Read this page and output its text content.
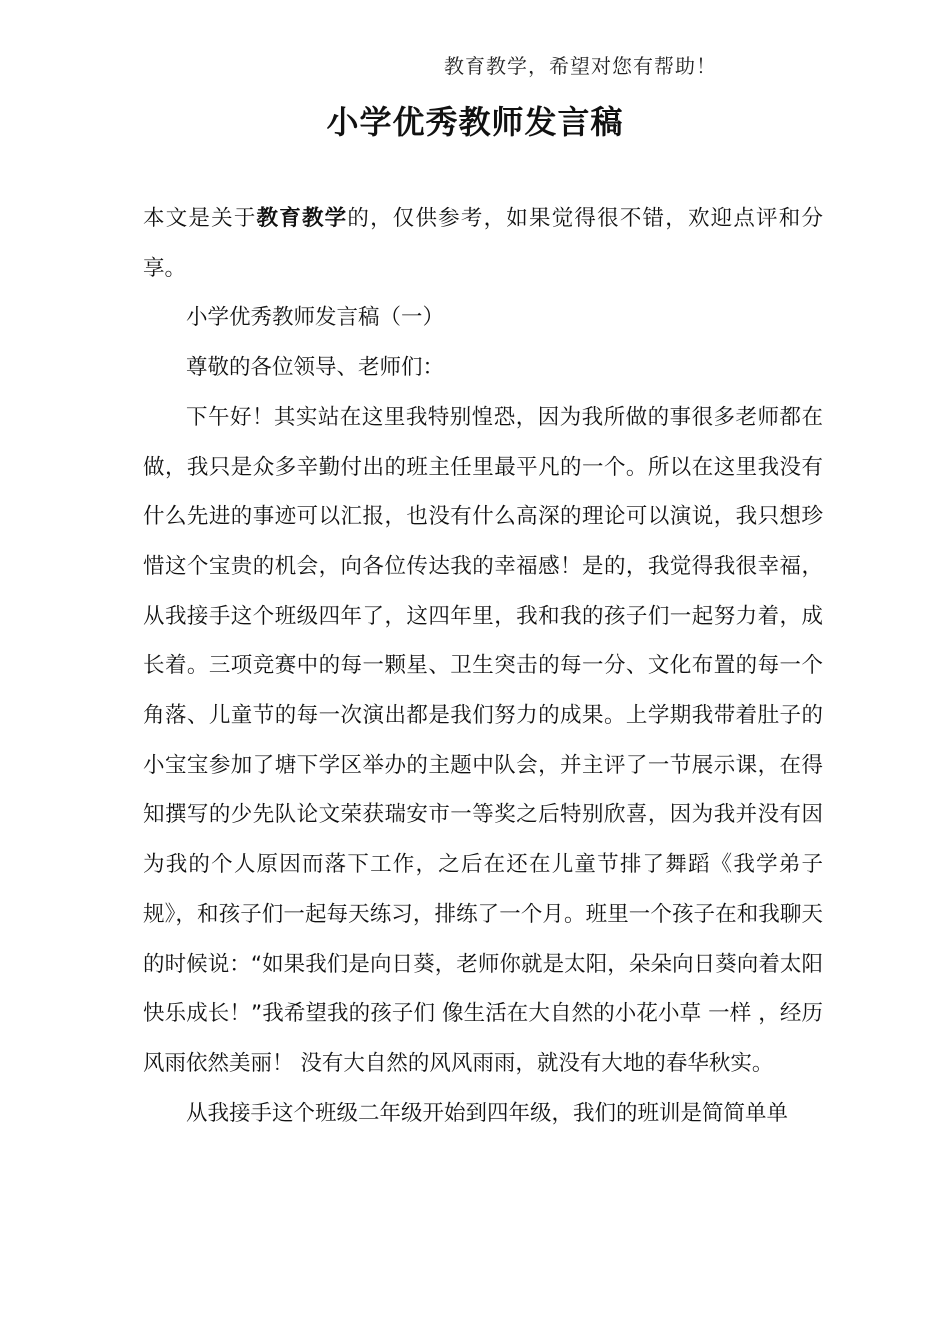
教育教学，希望对您有帮助！
小学优秀教师发言稿

本文是关于教育教学的，仅供参考，如果觉得很不错，欢迎点评和分享。

小学优秀教师发言稿（一）

尊敬的各位领导、老师们：

下午好！其实站在这里我特别惶恐，因为我所做的事很多老师都在做，我只是众多辛勤付出的班主任里最平凡的一个。所以在这里我没有什么先进的事迹可以汇报，也没有什么高深的理论可以演说，我只想珍惜这个宝贵的机会，向各位传达我的幸福感！是的，我觉得我很幸福，从我接手这个班级四年了，这四年里，我和我的孩子们一起努力着，成长着。三项竞赛中的每一颗星、卫生突击的每一分、文化布置的每一个角落、儿童节的每一次演出都是我们努力的成果。上学期我带着肚子的小宝宝参加了塘下学区举办的主题中队会，并主评了一节展示课，在得知撰写的少先队论文荣获瑞安市一等奖之后特别欣喜，因为我并没有因为我的个人原因而落下工作，之后在还在儿童节排了舞蹈《我学弟子规》，和孩子们一起每天练习，排练了一个月。班里一个孩子在和我聊天的时候说：“如果我们是向日葵，老师你就是太阳，朵朵向日葵向着太阳快乐成长！”我希望我的孩子们 像生活在大自然的小花小草 一样 ，经历风雨依然美丽！ 没有大自然的风风雨雨，就没有大地的春华秋实。

从我接手这个班级二年级开始到四年级，我们的班训是简简单单
